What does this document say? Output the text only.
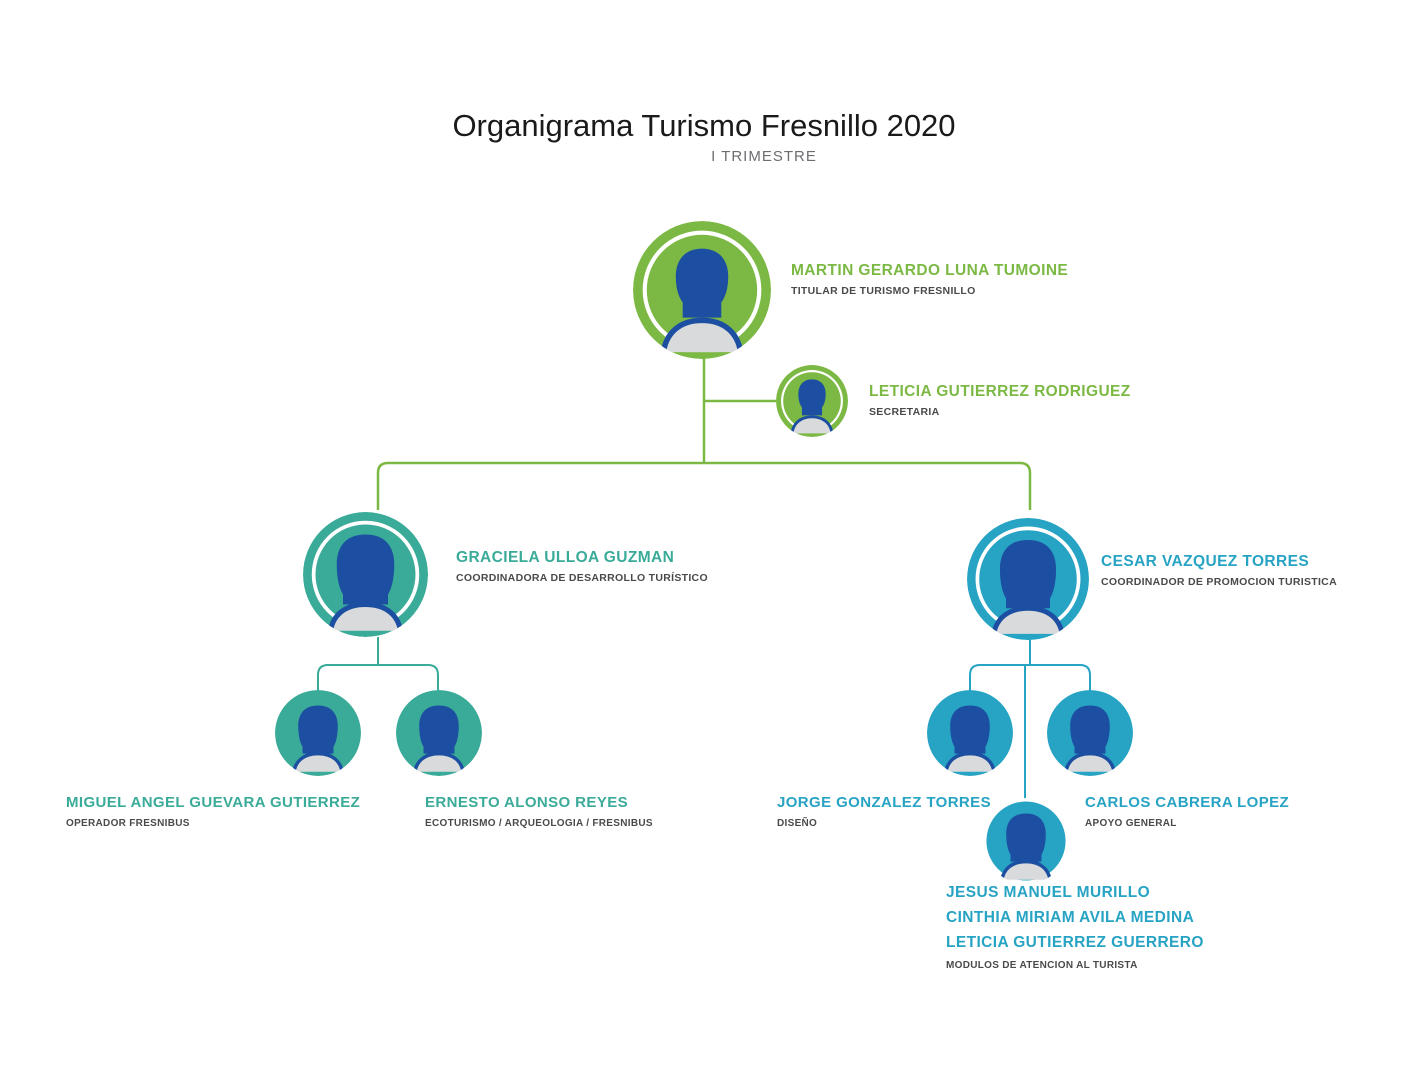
Organigrama Turismo Fresnillo 2020
I TRIMESTRE
MARTIN GERARDO LUNA TUMOINE
TITULAR DE TURISMO FRESNILLO
LETICIA GUTIERREZ RODRIGUEZ
SECRETARIA
GRACIELA ULLOA GUZMAN
COORDINADORA DE DESARROLLO TURÍSTICO
CESAR VAZQUEZ TORRES
COORDINADOR DE PROMOCION TURISTICA
MIGUEL ANGEL GUEVARA GUTIERREZ
OPERADOR FRESNIBUS
ERNESTO ALONSO REYES
ECOTURISMO / ARQUEOLOGIA / FRESNIBUS
JORGE GONZALEZ TORRES
DISEÑO
CARLOS CABRERA LOPEZ
APOYO GENERAL
JESUS MANUEL MURILLO
CINTHIA MIRIAM AVILA MEDINA
LETICIA GUTIERREZ GUERRERO
MODULOS DE ATENCION AL TURISTA
